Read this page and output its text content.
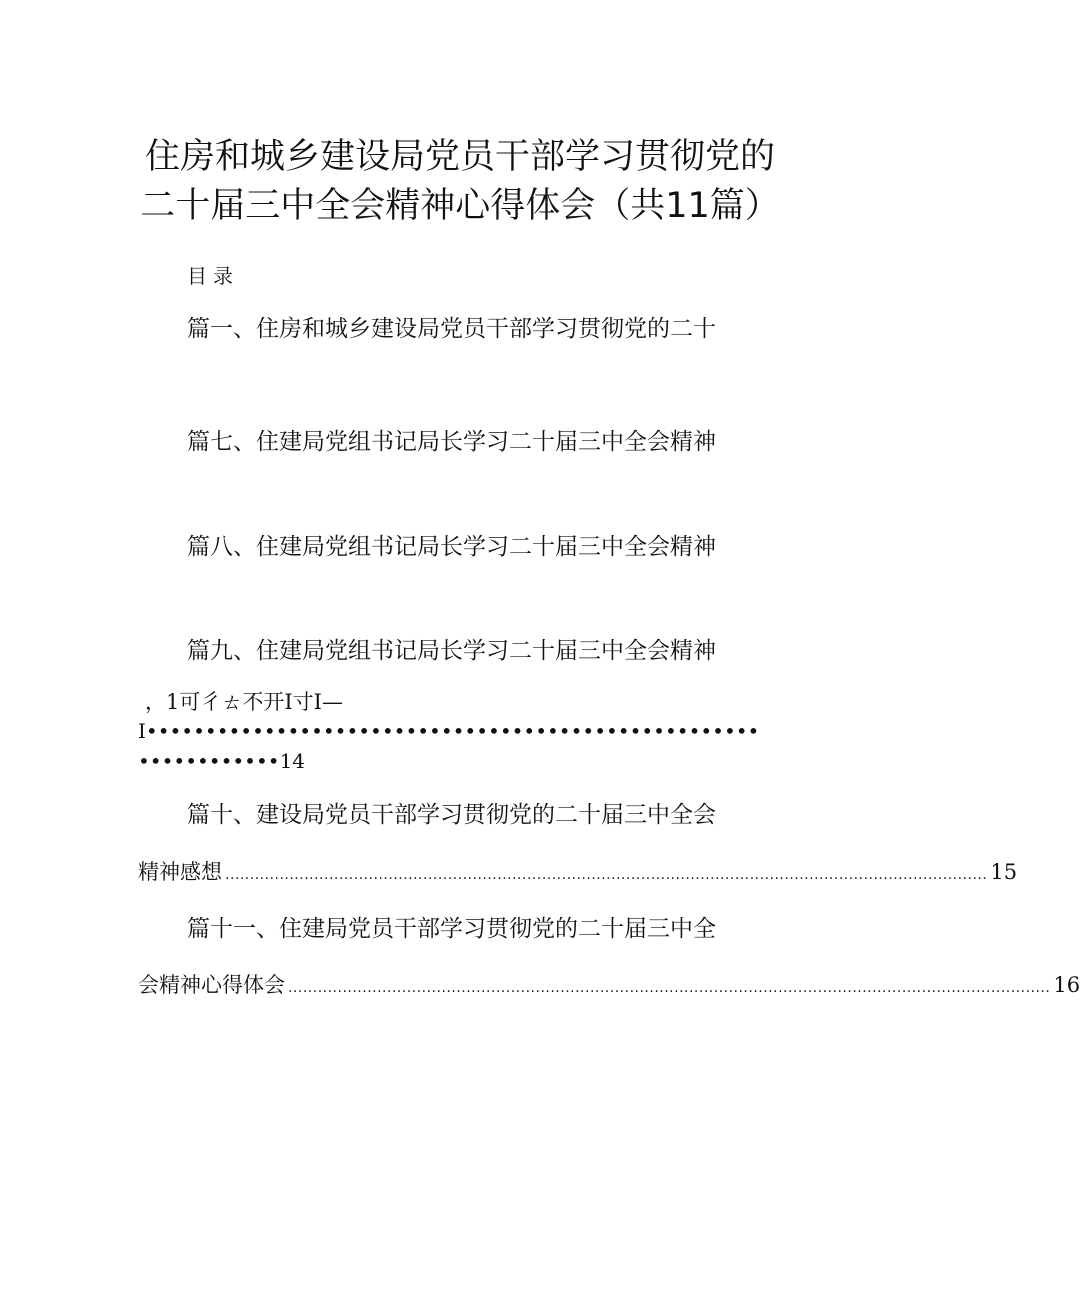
住房和城乡建设局党员干部学习贯彻党的
二十届三中全会精神心得体会（共11篇）
目录
篇一、住房和城乡建设局党员干部学习贯彻党的二十
篇七、住建局党组书记局长学习二十届三中全会精神
篇八、住建局党组书记局长学习二十届三中全会精神
篇九、住建局党组书记局长学习二十届三中全会精神
，1可彳ㄊ不开I寸I—
I••••••••••••••••••••••••••••••••••••••••••••••••••••
••••••••••••14
篇十、建设局党员干部学习贯彻党的二十届三中全会
精神感想 .......................................................................................................................................................... 15
篇十一、住建局党员干部学习贯彻党的二十届三中全
会精神心得体会 .......................................................................................................................................................... 16
